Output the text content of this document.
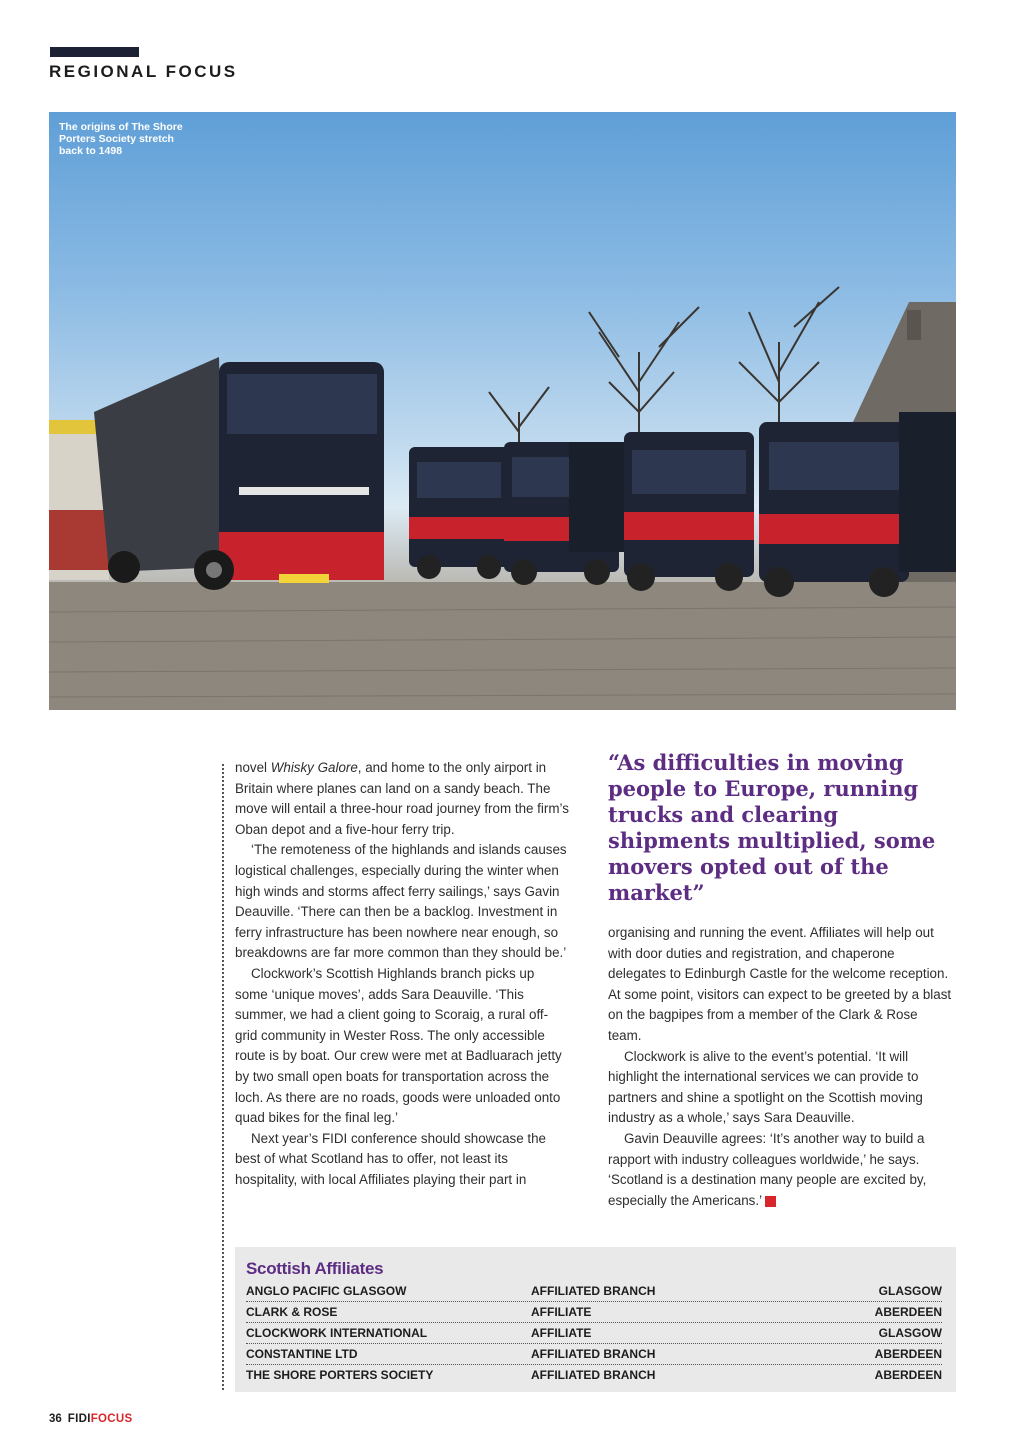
REGIONAL FOCUS
The origins of The Shore Porters Society stretch back to 1498

novel Whisky Galore, and home to the only airport in Britain where planes can land on a sandy beach. The move will entail a three-hour road journey from the firm’s Oban depot and a five-hour ferry trip.

‘The remoteness of the highlands and islands causes logistical challenges, especially during the winter when high winds and storms affect ferry sailings,’ says Gavin Deauville. ‘There can then be a backlog. Investment in ferry infrastructure has been nowhere near enough, so breakdowns are far more common than they should be.’

Clockwork’s Scottish Highlands branch picks up some ‘unique moves’, adds Sara Deauville. ‘This summer, we had a client going to Scoraig, a rural off-grid community in Wester Ross. The only accessible route is by boat. Our crew were met at Badluarach jetty by two small open boats for transportation across the loch. As there are no roads, goods were unloaded onto quad bikes for the final leg.’

Next year’s FIDI conference should showcase the best of what Scotland has to offer, not least its hospitality, with local Affiliates playing their part in

“As difficulties in moving people to Europe, running trucks and clearing shipments multiplied, some movers opted out of the market”

organising and running the event. Affiliates will help out with door duties and registration, and chaperone delegates to Edinburgh Castle for the welcome reception. At some point, visitors can expect to be greeted by a blast on the bagpipes from a member of the Clark & Rose team.

Clockwork is alive to the event’s potential. ‘It will highlight the international services we can provide to partners and shine a spotlight on the Scottish moving industry as a whole,’ says Sara Deauville.

Gavin Deauville agrees: ‘It’s another way to build a rapport with industry colleagues worldwide,’ he says. ‘Scotland is a destination many people are excited by, especially the Americans.’	FF

Scottish Affiliates
ANGLO PACIFIC GLASGOW	AFFILIATED BRANCH	GLASGOW
CLARK & ROSE	AFFILIATE	ABERDEEN
CLOCKWORK INTERNATIONAL	AFFILIATE	GLASGOW
CONSTANTINE LTD	AFFILIATED BRANCH	ABERDEEN
THE SHORE PORTERS SOCIETY	AFFILIATED BRANCH	ABERDEEN
36 FIDIFOCUS
